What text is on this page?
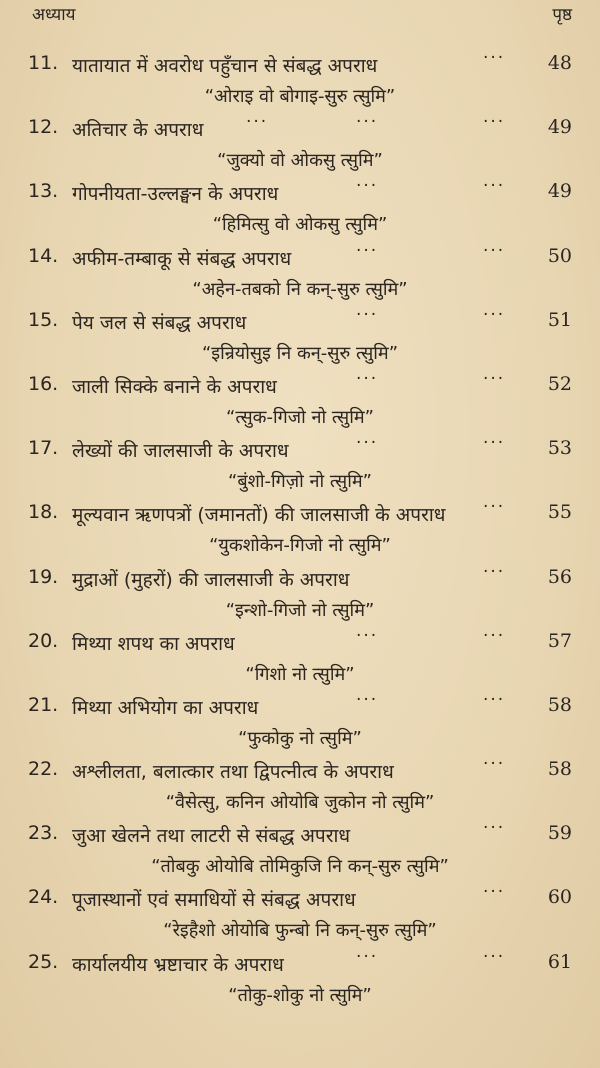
अध्याय	पृष्ठ
11. यातायात में अवरोध पहुँचान से संबद्ध अपराध	··· 48
“ओराइ वो बोगाइ-सुरु त्सुमि”
12. अतिचार के अपराध	···	···	··· 49
“जुक्यो वो ओकसु त्सुमि”
13. गोपनीयता-उल्लङ्घन के अपराध	···	··· 49
“हिमित्सु वो ओकसु त्सुमि”
14. अफीम-तम्बाकू से संबद्ध अपराध	···	··· 50
“अहेन-तबको नि कन्-सुरु त्सुमि”
15. पेय जल से संबद्ध अपराध	···	··· 51
“इन्रियोसुइ नि कन्-सुरु त्सुमि”
16. जाली सिक्के बनाने के अपराध	···	··· 52
“त्सुक-गिजो नो त्सुमि”
17. लेख्यों की जालसाजी के अपराध	···	··· 53
“बुंशो-गिज़ो नो त्सुमि”
18. मूल्यवान ऋणपत्रों (जमानतों) की जालसाजी के अपराध ··· 55
“युकशोकेन-गिजो नो त्सुमि”
19. मुद्राओं (मुहरों) की जालसाजी के अपराध	··· 56
“इन्शो-गिजो नो त्सुमि”
20. मिथ्या शपथ का अपराध	···	··· 57
“गिशो नो त्सुमि”
21. मिथ्या अभियोग का अपराध	···	··· 58
“फुकोकु नो त्सुमि”
22. अश्लीलता, बलात्कार तथा द्विपत्नीत्व के अपराध	··· 58
“वैसेत्सु, कनिन ओयोबि जुकोन नो त्सुमि”
23. जुआ खेलने तथा लाटरी से संबद्ध अपराध	··· 59
“तोबकु ओयोबि तोमिकुजि नि कन्-सुरु त्सुमि”
24. पूजास्थानों एवं समाधियों से संबद्ध अपराध	··· 60
“रेइहैशो ओयोबि फुन्बो नि कन्-सुरु त्सुमि”
25. कार्यालयीय भ्रष्टाचार के अपराध	···	··· 61
“तोकु-शोकु नो त्सुमि”
